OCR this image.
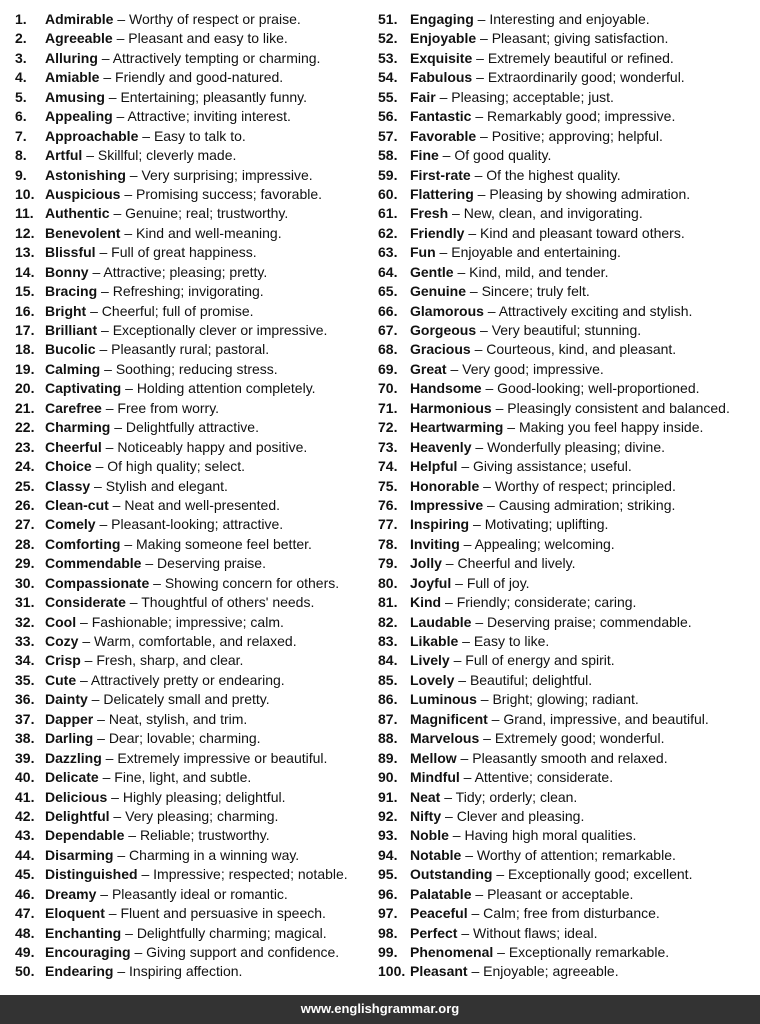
1.	Admirable – Worthy of respect or praise.
2.	Agreeable – Pleasant and easy to like.
3.	Alluring – Attractively tempting or charming.
4.	Amiable – Friendly and good-natured.
5.	Amusing – Entertaining; pleasantly funny.
6.	Appealing – Attractive; inviting interest.
7.	Approachable – Easy to talk to.
8.	Artful – Skillful; cleverly made.
9.	Astonishing – Very surprising; impressive.
10. Auspicious – Promising success; favorable.
11. Authentic – Genuine; real; trustworthy.
12. Benevolent – Kind and well-meaning.
13. Blissful – Full of great happiness.
14. Bonny – Attractive; pleasing; pretty.
15. Bracing – Refreshing; invigorating.
16. Bright – Cheerful; full of promise.
17. Brilliant – Exceptionally clever or impressive.
18. Bucolic – Pleasantly rural; pastoral.
19. Calming – Soothing; reducing stress.
20. Captivating – Holding attention completely.
21. Carefree – Free from worry.
22. Charming – Delightfully attractive.
23. Cheerful – Noticeably happy and positive.
24. Choice – Of high quality; select.
25. Classy – Stylish and elegant.
26. Clean-cut – Neat and well-presented.
27. Comely – Pleasant-looking; attractive.
28. Comforting – Making someone feel better.
29. Commendable – Deserving praise.
30. Compassionate – Showing concern for others.
31. Considerate – Thoughtful of others' needs.
32. Cool – Fashionable; impressive; calm.
33. Cozy – Warm, comfortable, and relaxed.
34. Crisp – Fresh, sharp, and clear.
35. Cute – Attractively pretty or endearing.
36. Dainty – Delicately small and pretty.
37. Dapper – Neat, stylish, and trim.
38. Darling – Dear; lovable; charming.
39. Dazzling – Extremely impressive or beautiful.
40. Delicate – Fine, light, and subtle.
41. Delicious – Highly pleasing; delightful.
42. Delightful – Very pleasing; charming.
43. Dependable – Reliable; trustworthy.
44. Disarming – Charming in a winning way.
45. Distinguished – Impressive; respected; notable.
46. Dreamy – Pleasantly ideal or romantic.
47. Eloquent – Fluent and persuasive in speech.
48. Enchanting – Delightfully charming; magical.
49. Encouraging – Giving support and confidence.
50. Endearing – Inspiring affection.
51. Engaging – Interesting and enjoyable.
52. Enjoyable – Pleasant; giving satisfaction.
53. Exquisite – Extremely beautiful or refined.
54. Fabulous – Extraordinarily good; wonderful.
55. Fair – Pleasing; acceptable; just.
56. Fantastic – Remarkably good; impressive.
57. Favorable – Positive; approving; helpful.
58. Fine – Of good quality.
59. First-rate – Of the highest quality.
60. Flattering – Pleasing by showing admiration.
61. Fresh – New, clean, and invigorating.
62. Friendly – Kind and pleasant toward others.
63. Fun – Enjoyable and entertaining.
64. Gentle – Kind, mild, and tender.
65. Genuine – Sincere; truly felt.
66. Glamorous – Attractively exciting and stylish.
67. Gorgeous – Very beautiful; stunning.
68. Gracious – Courteous, kind, and pleasant.
69. Great – Very good; impressive.
70. Handsome – Good-looking; well-proportioned.
71. Harmonious – Pleasingly consistent and balanced.
72. Heartwarming – Making you feel happy inside.
73. Heavenly – Wonderfully pleasing; divine.
74. Helpful – Giving assistance; useful.
75. Honorable – Worthy of respect; principled.
76. Impressive – Causing admiration; striking.
77. Inspiring – Motivating; uplifting.
78. Inviting – Appealing; welcoming.
79. Jolly – Cheerful and lively.
80. Joyful – Full of joy.
81. Kind – Friendly; considerate; caring.
82. Laudable – Deserving praise; commendable.
83. Likable – Easy to like.
84. Lively – Full of energy and spirit.
85. Lovely – Beautiful; delightful.
86. Luminous – Bright; glowing; radiant.
87. Magnificent – Grand, impressive, and beautiful.
88. Marvelous – Extremely good; wonderful.
89. Mellow – Pleasantly smooth and relaxed.
90. Mindful – Attentive; considerate.
91. Neat – Tidy; orderly; clean.
92. Nifty – Clever and pleasing.
93. Noble – Having high moral qualities.
94. Notable – Worthy of attention; remarkable.
95. Outstanding – Exceptionally good; excellent.
96. Palatable – Pleasant or acceptable.
97. Peaceful – Calm; free from disturbance.
98. Perfect – Without flaws; ideal.
99. Phenomenal – Exceptionally remarkable.
100. Pleasant – Enjoyable; agreeable.
www.englishgrammar.org
